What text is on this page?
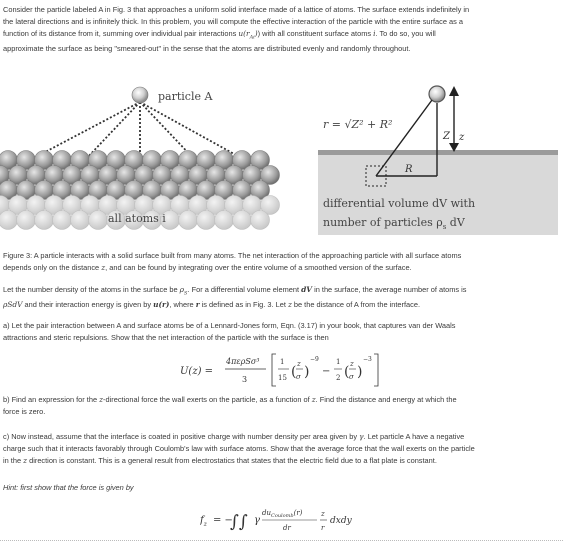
Consider the particle labeled A in Fig. 3 that approaches a uniform solid interface made of a lattice of atoms. The surface extends indefinitely in
the lateral directions and is infinitely thick. In this problem, you will compute the effective interaction of the particle with the entire surface as a
function of its distance from it, summing over individual pair interactions $u(r_{Ai})$) with all constituent surface atoms i. To do so, you will
approximate the surface as being "smeared-out" in the sense that the atoms are distributed evenly and randomly throughout.
particle A
all atoms i
r = √Z² + R²
Z z
R
differential volume dV with
number of particles $\rho_s$ dV
Figure 3: A particle interacts with a solid surface built from many atoms. The net interaction of the approaching particle with all surface atoms
depends only on the distance z, and can be found by integrating over the entire volume of a smoothed version of the surface.
Let the number density of the atoms in the surface be $\rho_S$. For a differential volume element dV in the surface, the average number of atoms is
ρSdV and their interaction energy is given by u(r), where r is defined as in Fig. 3. Let z be the distance of A from the interface.
a) Let the pair interaction between A and surface atoms be of a Lennard-Jones form, Eqn. (3.17) in your book, that captures van der Waals
attractions and steric repulsions. Show that the net interaction of the particle with the surface is then
U(z) =
4περSσ³
3
1
15 ( z
σ )
−9
−
1
2 ( z
σ )
−3
b) Find an expression for the z-directional force the wall exerts on the particle, as a function of z. Find the distance and energy at which the
force is zero.
c) Now instead, assume that the interface is coated in positive charge with number density per area given by γ. Let particle A have a negative
charge such that it interacts favorably through Coulomb's law with surface atoms. Show that the average force that the wall exerts on the particle
in the z direction is constant. This is a general result from electrostatics that states that the electric field due to a flat plate is constant.
Hint: first show that the force is given by
$f_z$ = −
∫∫ γ
$du_{Coulomb}(r)$
dr
z
r
dxdy
